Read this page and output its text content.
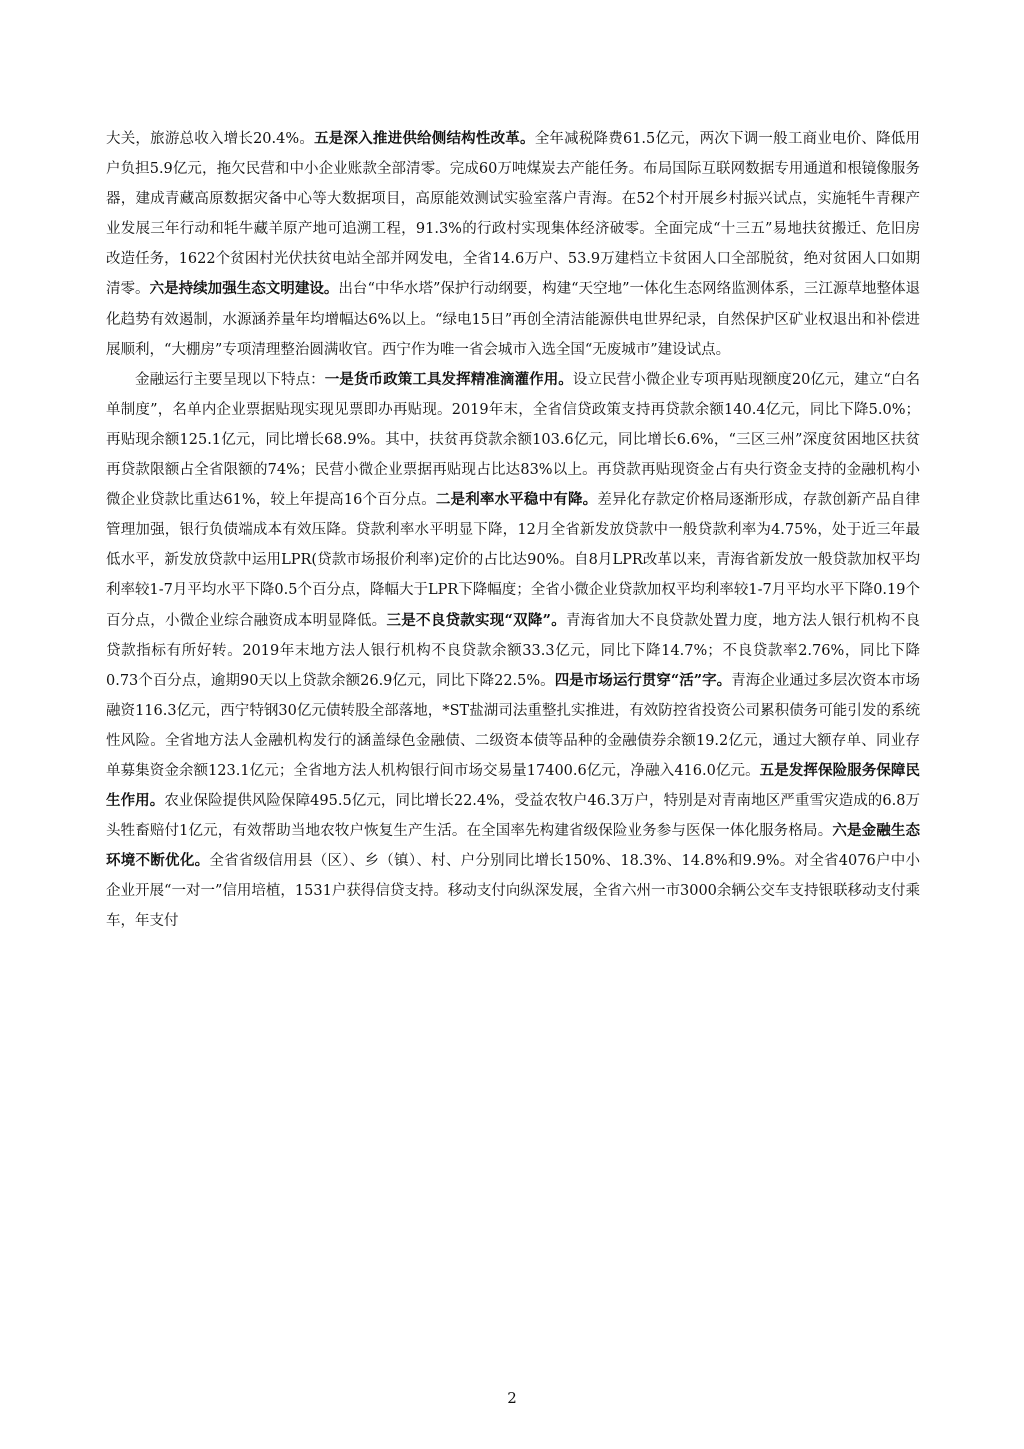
大关，旅游总收入增长20.4%。五是深入推进供给侧结构性改革。全年减税降费61.5亿元，两次下调一般工商业电价、降低用户负担5.9亿元，拖欠民营和中小企业账款全部清零。完成60万吨煤炭去产能任务。布局国际互联网数据专用通道和根镜像服务器，建成青藏高原数据灾备中心等大数据项目，高原能效测试实验室落户青海。在52个村开展乡村振兴试点，实施牦牛青稞产业发展三年行动和牦牛藏羊原产地可追溯工程，91.3%的行政村实现集体经济破零。全面完成“十三五”易地扶贫搬迁、危旧房改造任务，1622个贫困村光伏扶贫电站全部并网发电，全省14.6万户、53.9万建档立卡贫困人口全部脱贫，绝对贫困人口如期清零。六是持续加强生态文明建设。出台“中华水塔”保护行动纲要，构建“天空地”一体化生态网络监测体系，三江源草地整体退化趋势有效遏制，水源涵养量年均增幅达6%以上。“绿电15日”再创全清洁能源供电世界纪录，自然保护区矿业权退出和补偿进展顺利，“大棚房”专项清理整治圆满收官。西宁作为唯一省会城市入选全国“无废城市”建设试点。

金融运行主要呈现以下特点：一是货币政策工具发挥精准滴灌作用。设立民营小微企业专项再贴现额度20亿元，建立“白名单制度”，名单内企业票据贴现实现见票即办再贴现。2019年末，全省信贷政策支持再贷款余额140.4亿元，同比下降5.0%；再贴现余额125.1亿元，同比增长68.9%。其中，扶贫再贷款余额103.6亿元，同比增长6.6%，“三区三州”深度贫困地区扶贫再贷款限额占全省限额的74%；民营小微企业票据再贴现占比达83%以上。再贷款再贴现资金占有央行资金支持的金融机构小微企业贷款比重达61%，较上年提高16个百分点。二是利率水平稳中有降。差异化存款定价格局逐渐形成，存款创新产品自律管理加强，银行负债端成本有效压降。贷款利率水平明显下降，12月全省新发放贷款中一般贷款利率为4.75%，处于近三年最低水平，新发放贷款中运用LPR(贷款市场报价利率)定价的占比达90%。自8月LPR改革以来，青海省新发放一般贷款加权平均利率较1-7月平均水平下降0.5个百分点，降幅大于LPR下降幅度；全省小微企业贷款加权平均利率较1-7月平均水平下降0.19个百分点，小微企业综合融资成本明显降低。三是不良贷款实现“双降”。青海省加大不良贷款处置力度，地方法人银行机构不良贷款指标有所好转。2019年末地方法人银行机构不良贷款余额33.3亿元，同比下降14.7%；不良贷款率2.76%，同比下降0.73个百分点，逾期90天以上贷款余额26.9亿元，同比下降22.5%。四是市场运行贯穿“活”字。青海企业通过多层次资本市场融资116.3亿元，西宁特钢30亿元债转股全部落地，*ST盐湖司法重整扎实推进，有效防控省投资公司累积债务可能引发的系统性风险。全省地方法人金融机构发行的涵盖绿色金融债、二级资本债等品种的金融债券余额19.2亿元，通过大额存单、同业存单募集资金余额123.1亿元；全省地方法人机构银行间市场交易量17400.6亿元，净融入416.0亿元。五是发挥保险服务保障民生作用。农业保险提供风险保障495.5亿元，同比增长22.4%，受益农牧户46.3万户，特别是对青南地区严重雪灾造成的6.8万头牲畜赔付1亿元，有效帮助当地农牧户恢复生产生活。在全国率先构建省级保险业务参与医保一体化服务格局。六是金融生态环境不断优化。全省省级信用县（区）、乡（镇）、村、户分别同比增长150%、18.3%、14.8%和9.9%。对全省4076户中小企业开展“一对一”信用培植，1531户获得信贷支持。移动支付向纵深发展，全省六州一市3000余辆公交车支持银联移动支付乘车，年支付

2
